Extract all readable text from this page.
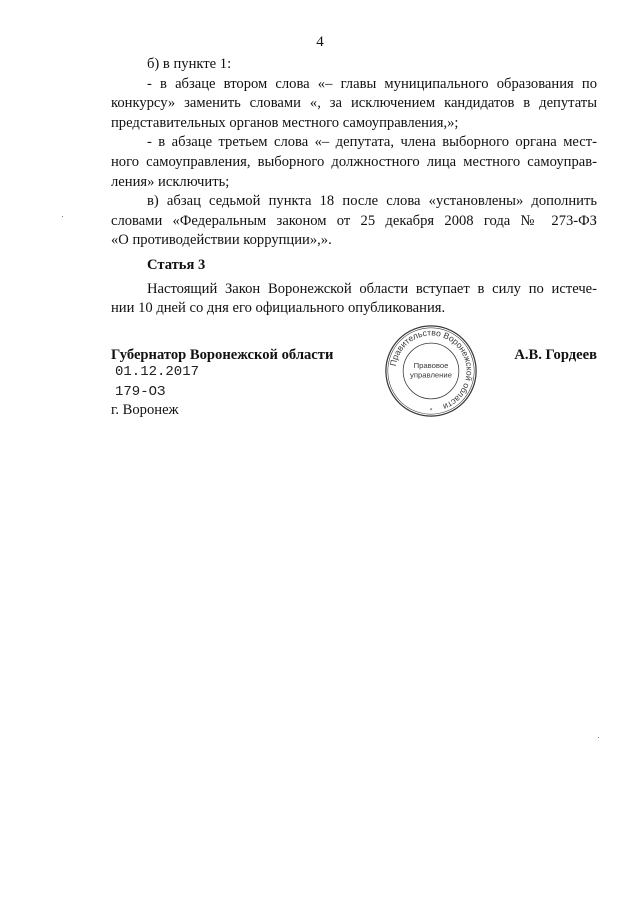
4

б) в пункте 1:

- в абзаце втором слова «– главы муниципального образования по

конкурсу» заменить словами «, за исключением кандидатов в депутаты

представительных органов местного самоуправления,»;

- в абзаце третьем слова «– депутата, члена выборного органа мест-

ного самоуправления, выборного должностного лица местного самоуправ-

ления» исключить;

в) абзац седьмой пункта 18 после слова «установлены» дополнить

словами «Федеральным законом от 25 декабря 2008 года № 273-ФЗ

«О противодействии коррупции»,».

Статья 3

Настоящий Закон Воронежской области вступает в силу по истече-

нии 10 дней со дня его официального опубликования.

Губернатор Воронежской области	А.В. Гордеев
01.12.2017
179-ОЗ
г. Воронеж
Правительство Воронежской области
Правовое
управление
*
